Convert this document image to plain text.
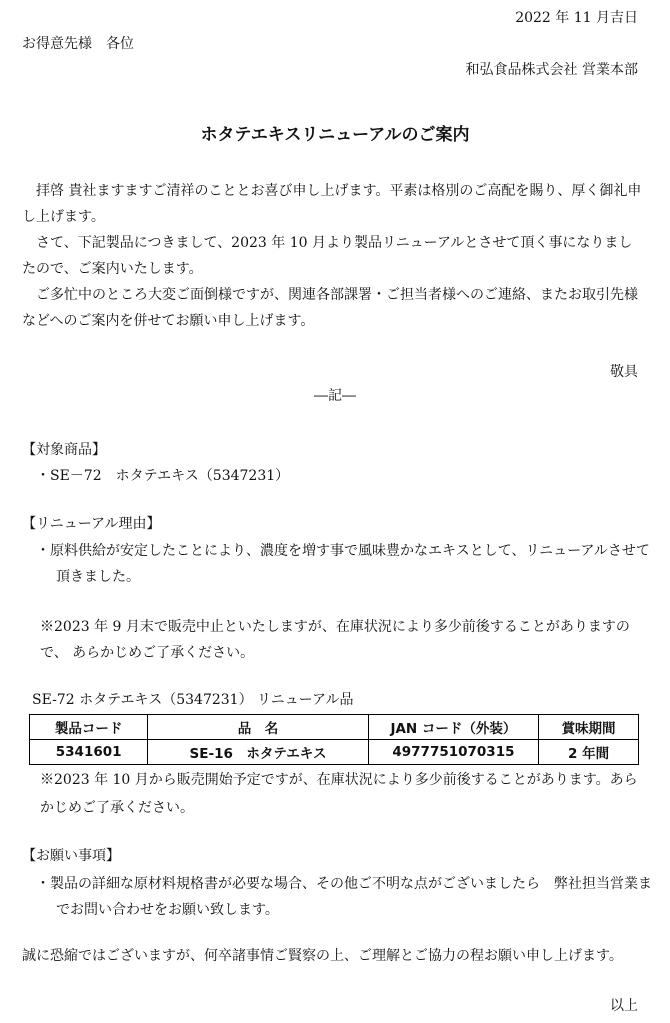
2022 年 11 月吉日
お得意先様　各位
和弘食品株式会社 営業本部
ホタテエキスリニューアルのご案内
拝啓 貴社ますますご清祥のこととお喜び申し上げます。平素は格別のご高配を賜り、厚く御礼申し上げます。
さて、下記製品につきまして、2023 年 10 月より製品リニューアルとさせて頂く事になりましたので、ご案内いたします。
ご多忙中のところ大変ご面倒様ですが、関連各部課署・ご担当者様へのご連絡、またお取引先様などへのご案内を併せてお願い申し上げます。
敬具
―記―
【対象商品】
・SE－72　ホタテエキス（5347231）
【リニューアル理由】
・原料供給が安定したことにより、濃度を増す事で風味豊かなエキスとして、リニューアルさせて頂きました。
※2023 年 9 月末で販売中止といたしますが、在庫状況により多少前後することがありますので、 あらかじめご了承ください。
SE-72 ホタテエキス（5347231） リニューアル品
製品コード	品　名	JAN コード（外装）	賞味期間
5341601	SE-16　ホタテエキス	4977751070315	2 年間
※2023 年 10 月から販売開始予定ですが、在庫状況により多少前後することがあります。あらかじめご了承ください。
【お願い事項】
・製品の詳細な原材料規格書が必要な場合、その他ご不明な点がございましたら　弊社担当営業までお問い合わせをお願い致します。
誠に恐縮ではございますが、何卒諸事情ご賢察の上、ご理解とご協力の程お願い申し上げます。
以上
